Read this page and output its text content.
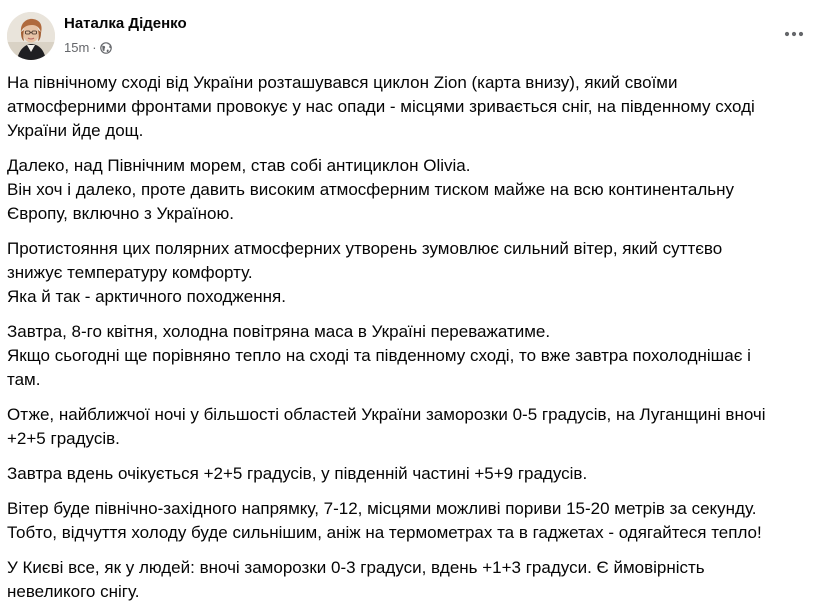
Наталка Діденко
15m ·
На північному сході від України розташувався циклон Zion (карта внизу), який своїми
атмосферними фронтами провокує у нас опади - місцями зривається сніг, на південному сході
України йде дощ.
Далеко, над Північним морем, став собі антициклон Olivia.
Він хоч і далеко, проте давить високим атмосферним тиском майже на всю континентальну
Європу, включно з Україною.
Протистояння цих полярних атмосферних утворень зумовлює сильний вітер, який суттєво
знижує температуру комфорту.
Яка й так - арктичного походження.
Завтра, 8-го квітня, холодна повітряна маса в Україні переважатиме.
Якщо сьогодні ще порівняно тепло на сході та південному сході, то вже завтра похолоднішає і
там.
Отже, найближчої ночі у більшості областей України заморозки 0-5 градусів, на Луганщині вночі
+2+5 градусів.
Завтра вдень очікується +2+5 градусів, у південній частині +5+9 градусів.
Вітер буде північно-західного напрямку, 7-12, місцями можливі пориви 15-20 метрів за секунду.
Тобто, відчуття холоду буде сильнішим, аніж на термометрах та в гаджетах - одягайтеся тепло!
У Києві все, як у людей: вночі заморозки 0-3 градуси, вдень +1+3 градуси. Є ймовірність
невеликого снігу.
